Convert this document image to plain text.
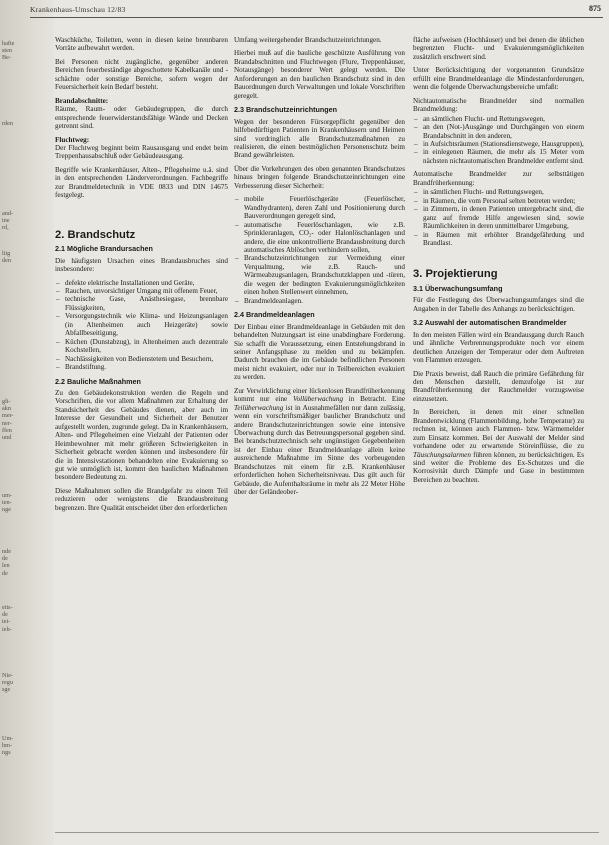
hafte
sten
Be-
rden
and-
ine
rd,
ltig
den
gli-
akn
mer-
ner-
ffen
und
um-
ten-
nge
nde
de
len
de
eits-
de
tei-
ieh-
Nie-
regu
sge
Um-
hm-
ngs
Krankenhaus-Umschau 12/83	875

Waschküche, Toiletten, wenn in diesen keine brennbaren Vorräte aufbewahrt werden.

Bei Personen nicht zugängliche, gegenüber anderen Bereichen feuerbeständige abgeschottete Kabelkanäle und -schächte oder sonstige Bereiche, sofern wegen der Feuersicherheit kein Bedarf besteht.

Brandabschnitte:
Räume, Raum- oder Gebäudegruppen, die durch entsprechende feuerwiderstandsfähige Wände und Decken getrennt sind.

Fluchtweg:
Der Fluchtweg beginnt beim Rausausgang und endet beim Treppenhausabschluß oder Gebäudeausgang.

Begriffe wie Krankenhäuser, Alten-, Pflegeheime u.ä. sind in den entsprechenden Länderverordnungen. Fachbegriffe zur Brandmeldetechnik in VDE 0833 und DIN 14675 festgelegt.

2. Brandschutz
2.1 Mögliche Brandursachen

Die häufigsten Ursachen eines Brandausbruches sind insbesondere:

– defekte elektrische Installationen und Geräte,
– Rauchen, unvorsichtiger Umgang mit offenem Feuer,
– technische Gase, Anästhesiegase, brennbare Flüssigkeiten,
– Versorgungstechnik wie Klima- und Heizungsanlagen (in Altenheimen auch Heizgeräte) sowie Abfallbeseitigung,
– Küchen (Dunstabzug), in Altenheimen auch dezentrale Kochstellen,
– Nachlässigkeiten von Bedienstetem und Besuchern,
– Brandstiftung.
2.2 Bauliche Maßnahmen

Zu den Gebäudekonstruktion werden die Regeln und Vorschriften, die vor allem Maßnahmen zur Erhaltung der Standsicherheit des Gebäudes dienen, aber auch im Interesse der Gesundheit und Sicherheit der Benutzer aufgestellt worden, zugrunde gelegt. Da in Krankenhäusern, Alten- und Pflegeheimen eine Vielzahl der Patienten oder Heimbewohner mit mehr größeren Schwierigkeiten in Sicherheit gebracht werden können und insbesondere für die in Intensivstationen behandelten eine Evakuierung so gut wie unmöglich ist, kommt den baulichen Maßnahmen besondere Bedeutung zu.

Diese Maßnahmen sollen die Brandgefahr zu einem Teil reduzieren oder wenigstens die Brandausbreitung begrenzen. Ihre Qualität entscheidet über den erforderlichen

Umfang weitergehender Brandschutzeinrichtungen.

Hierbei muß auf die bauliche geschützte Ausführung von Brandabschnitten und Fluchtwegen (Flure, Treppenhäuser, Notausgänge) besonderer Wert gelegt werden. Die Anforderungen an den baulichen Brandschutz sind in den Bauordnungen durch Verwaltungen und lokale Vorschriften geregelt.

2.3 Brandschutzeinrichtungen

Wegen der besonderen Fürsorgepflicht gegenüber den hilfebedürftigen Patienten in Krankenhäusern und Heimen sind vordringlich alle Brandschutzmaßnahmen zu realisieren, die einen bestmöglichen Personenschutz beim Brand gewährleisten.

Über die Vorkehrungen des oben genannten Brandschutzes hinaus bringen folgende Brandschutzeinrichtungen eine Verbesserung dieser Sicherheit:

– mobile Feuerlöschgeräte (Feuerlöscher, Wandhydranten), deren Zahl und Positionierung durch Bauverordnungen geregelt sind,
– automatische Feuerlöschanlagen, wie z.B. Sprinkleranlagen, CO₂- oder Halonlöschanlagen und andere, die eine unkontrollierte Brandausbreitung durch automatisches Ablöschen verhindern sollen,
– Brandschutzeinrichtungen zur Vermeidung einer Verqualmung, wie z.B. Rauch- und Wärmeabzugsanlagen, Brandschutzklappen und -türen, die wegen der bedingten Evakuierungsmöglichkeiten einen hohen Stellenwert einnehmen,
– Brandmeldeanlagen.
2.4 Brandmeldeanlagen

Der Einbau einer Brandmeldeanlage in Gebäuden mit den behandelten Nutzungsart ist eine unabdingbare Forderung. Sie schafft die Voraussetzung, einen Entstehungsbrand in seiner Anfangsphase zu melden und zu bekämpfen. Dadurch brauchen die im Gebäude befindlichen Personen meist nicht evakuiert, oder nur in Teilbereichen evakuiert zu werden.

Zur Verwirklichung einer lückenlosen Brandfrüherkennung kommt nur eine Vollüberwachung in Betracht. Eine Teilüberwachung ist in Ausnahmefällen nur dann zulässig, wenn ein vorschriftsmäßiger baulicher Brandschutz und andere Brandschutzeinrichtungen sowie eine intensive Überwachung durch das Betreuungspersonal gegeben sind. Bei brandschutztechnisch sehr ungünstigen Gegebenheiten ist der Einbau einer Brandmeldeanlage allein keine ausreichende Maßnahme im Sinne des vorbeugenden Brandschutzes mit einem für z.B. Krankenhäuser erforderlichen hohen Sicherheitsniveau. Das gilt auch für Gebäude, die Aufenthaltsräume in mehr als 22 Meter Höhe über der Geländeober-

fläche aufweisen (Hochhäuser) und bei denen die üblichen begrenzten Flucht- und Evakuierungsmöglichkeiten zusätzlich erschwert sind.

Unter Berücksichtigung der vorgenannten Grundsätze erfüllt eine Brandmeldeanlage die Mindestanforderungen, wenn die folgende Überwachungsbereiche umfaßt:

Nichtautomatische Brandmelder sind normallen Brandmeldung:

– an sämtlichen Flucht- und Rettungswegen,
– an den (Not-)Ausgänge und Durchgängen von einem Brandabschnitt in den anderen,
– in Aufsichtsräumen (Stationsdienstwege, Hausgruppen),
– in einlegenen Räumen, die mehr als 15 Meter vom nächsten nichtautomatischen Brandmelder entfernt sind.

Automatische Brandmelder zur selbsttätigen Brandfrüherkennung:

– in sämtlichen Flucht- und Rettungswegen,
– in Räumen, die vom Personal selten betreten werden;
– in Zimmern, in denen Patienten untergebracht sind, die ganz auf fremde Hilfe angewiesen sind, sowie Räumlichkeiten in deren unmittelbarer Umgebung,
– in Räumen mit erhöhter Brandgefährdung und Brandlast.
3. Projektierung
3.1 Überwachungsumfang

Für die Festlegung des Überwachungsumfanges sind die Angaben in der Tabelle des Anhangs zu berücksichtigen.

3.2 Auswahl der automatischen Brandmelder

In den meisten Fällen wird ein Brandausgang durch Rauch und ähnliche Verbrennungsprodukte noch vor einem deutlichen Anzeigen der Temperatur oder dem Auftreten von Flammen erzeugen.

Die Praxis beweist, daß Rauch die primäre Gefährdung für den Menschen darstellt, demzufolge ist zur Brandfrüherkennung der Rauchmelder vorzugsweise einzusetzen.

In Bereichen, in denen mit einer schnellen Brandentwicklung (Flammenbildung, hohe Temperatur) zu rechnen ist, können auch Flammen- bzw. Wärmemelder zum Einsatz kommen. Bei der Auswahl der Melder sind vorhandene oder zu erwartende Störeinflüsse, die zu Täuschungsalarmen führen können, zu berücksichtigen. Es sind weiter die Probleme des Ex-Schutzes und die Korrosivität durch Dämpfe und Gase in bestimmten Bereichen zu beachten.
